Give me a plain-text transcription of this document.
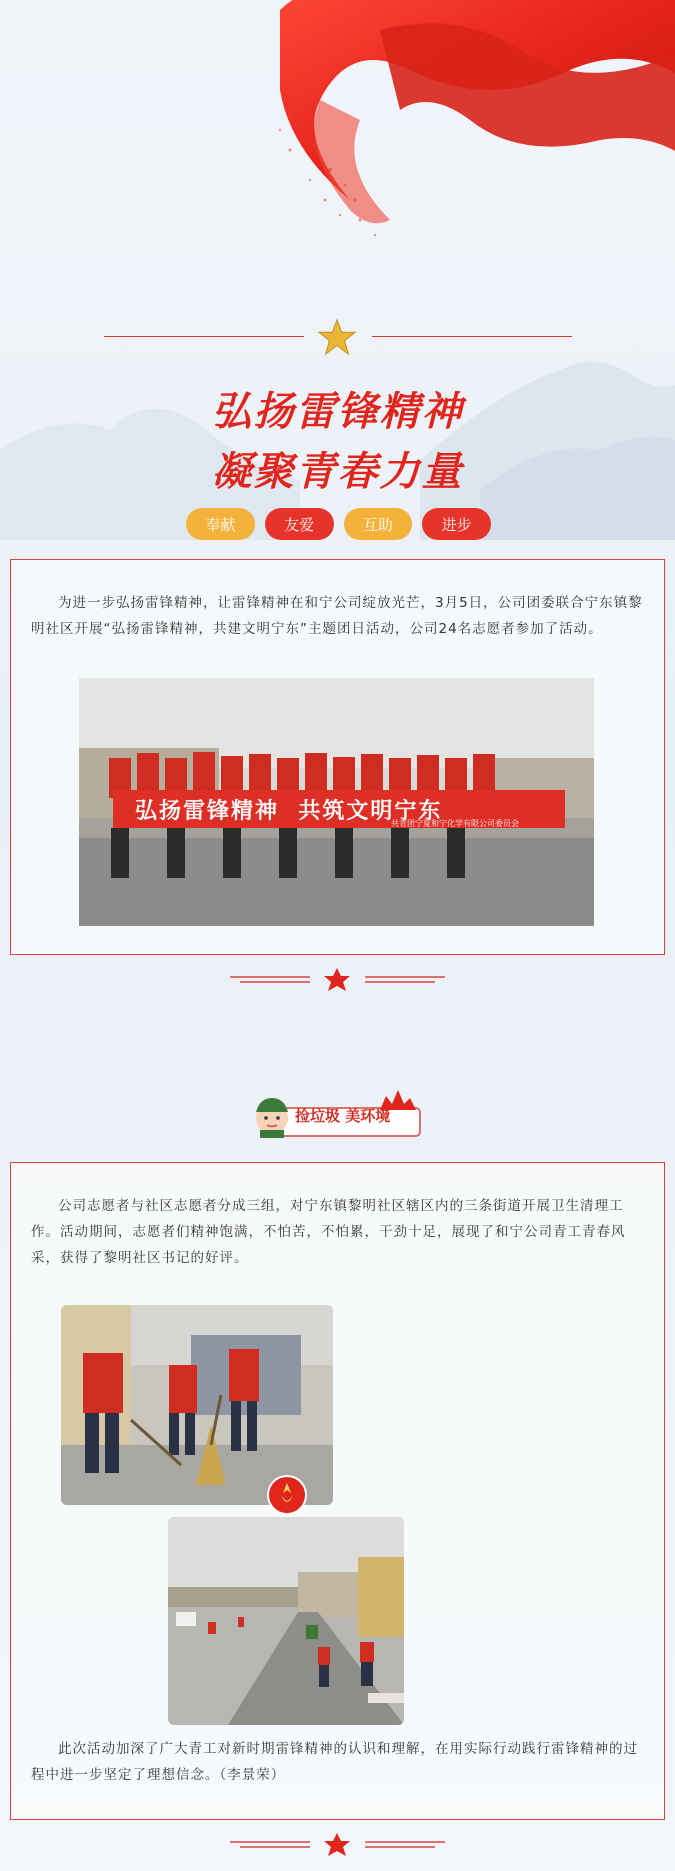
弘扬雷锋精神
凝聚青春力量
奉献	友爱	互助	进步

为进一步弘扬雷锋精神，让雷锋精神在和宁公司绽放光芒，3月5日，公司团委联合宁东镇黎明社区开展“弘扬雷锋精神，共建文明宁东”主题团日活动，公司24名志愿者参加了活动。

弘扬雷锋精神  共筑文明宁东
共青团宁夏和宁化学有限公司委员会
捡垃圾 美环境

公司志愿者与社区志愿者分成三组，对宁东镇黎明社区辖区内的三条街道开展卫生清理工作。活动期间，志愿者们精神饱满，不怕苦，不怕累，干劲十足，展现了和宁公司青工青春风采，获得了黎明社区书记的好评。

此次活动加深了广大青工对新时期雷锋精神的认识和理解，在用实际行动践行雷锋精神的过程中进一步坚定了理想信念。（李景荣）
